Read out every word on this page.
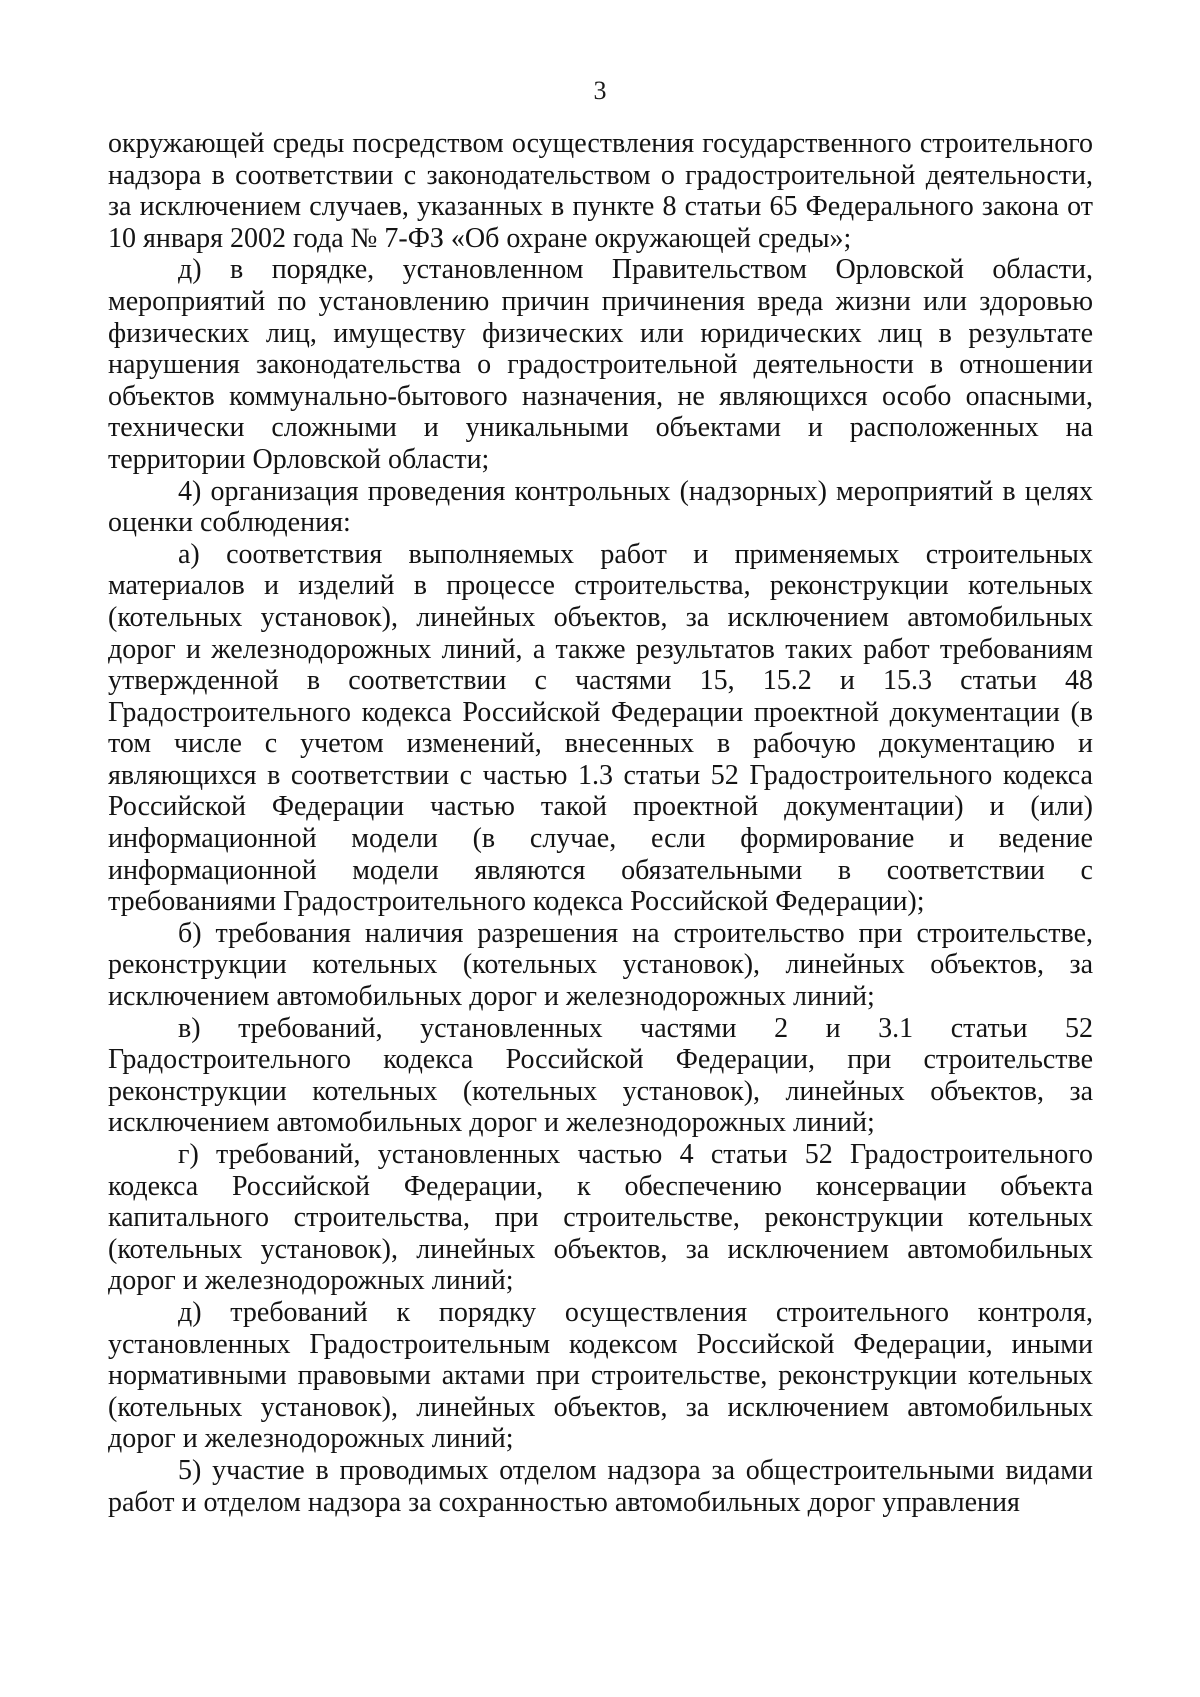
3

окружающей среды посредством осуществления государственного строительного надзора в соответствии с законодательством о градостроительной деятельности, за исключением случаев, указанных в пункте 8 статьи 65 Федерального закона от 10 января 2002 года № 7-ФЗ «Об охране окружающей среды»;

д) в порядке, установленном Правительством Орловской области, мероприятий по установлению причин причинения вреда жизни или здоровью физических лиц, имуществу физических или юридических лиц в результате нарушения законодательства о градостроительной деятельности в отношении объектов коммунально-бытового назначения, не являющихся особо опасными, технически сложными и уникальными объектами и расположенных на территории Орловской области;

4) организация проведения контрольных (надзорных) мероприятий в целях оценки соблюдения:

а) соответствия выполняемых работ и применяемых строительных материалов и изделий в процессе строительства, реконструкции котельных (котельных установок), линейных объектов, за исключением автомобильных дорог и железнодорожных линий, а также результатов таких работ требованиям утвержденной в соответствии с частями 15, 15.2 и 15.3 статьи 48 Градостроительного кодекса Российской Федерации проектной документации (в том числе с учетом изменений, внесенных в рабочую документацию и являющихся в соответствии с частью 1.3 статьи 52 Градостроительного кодекса Российской Федерации частью такой проектной документации) и (или) информационной модели (в случае, если формирование и ведение информационной модели являются обязательными в соответствии с требованиями Градостроительного кодекса Российской Федерации);

б) требования наличия разрешения на строительство при строительстве, реконструкции котельных (котельных установок), линейных объектов, за исключением автомобильных дорог и железнодорожных линий;

в) требований, установленных частями 2 и 3.1 статьи 52 Градостроительного кодекса Российской Федерации, при строительстве реконструкции котельных (котельных установок), линейных объектов, за исключением автомобильных дорог и железнодорожных линий;

г) требований, установленных частью 4 статьи 52 Градостроительного кодекса Российской Федерации, к обеспечению консервации объекта капитального строительства, при строительстве, реконструкции котельных (котельных установок), линейных объектов, за исключением автомобильных дорог и железнодорожных линий;

д) требований к порядку осуществления строительного контроля, установленных Градостроительным кодексом Российской Федерации, иными нормативными правовыми актами при строительстве, реконструкции котельных (котельных установок), линейных объектов, за исключением автомобильных дорог и железнодорожных линий;

5) участие в проводимых отделом надзора за общестроительными видами работ и отделом надзора за сохранностью автомобильных дорог управления
